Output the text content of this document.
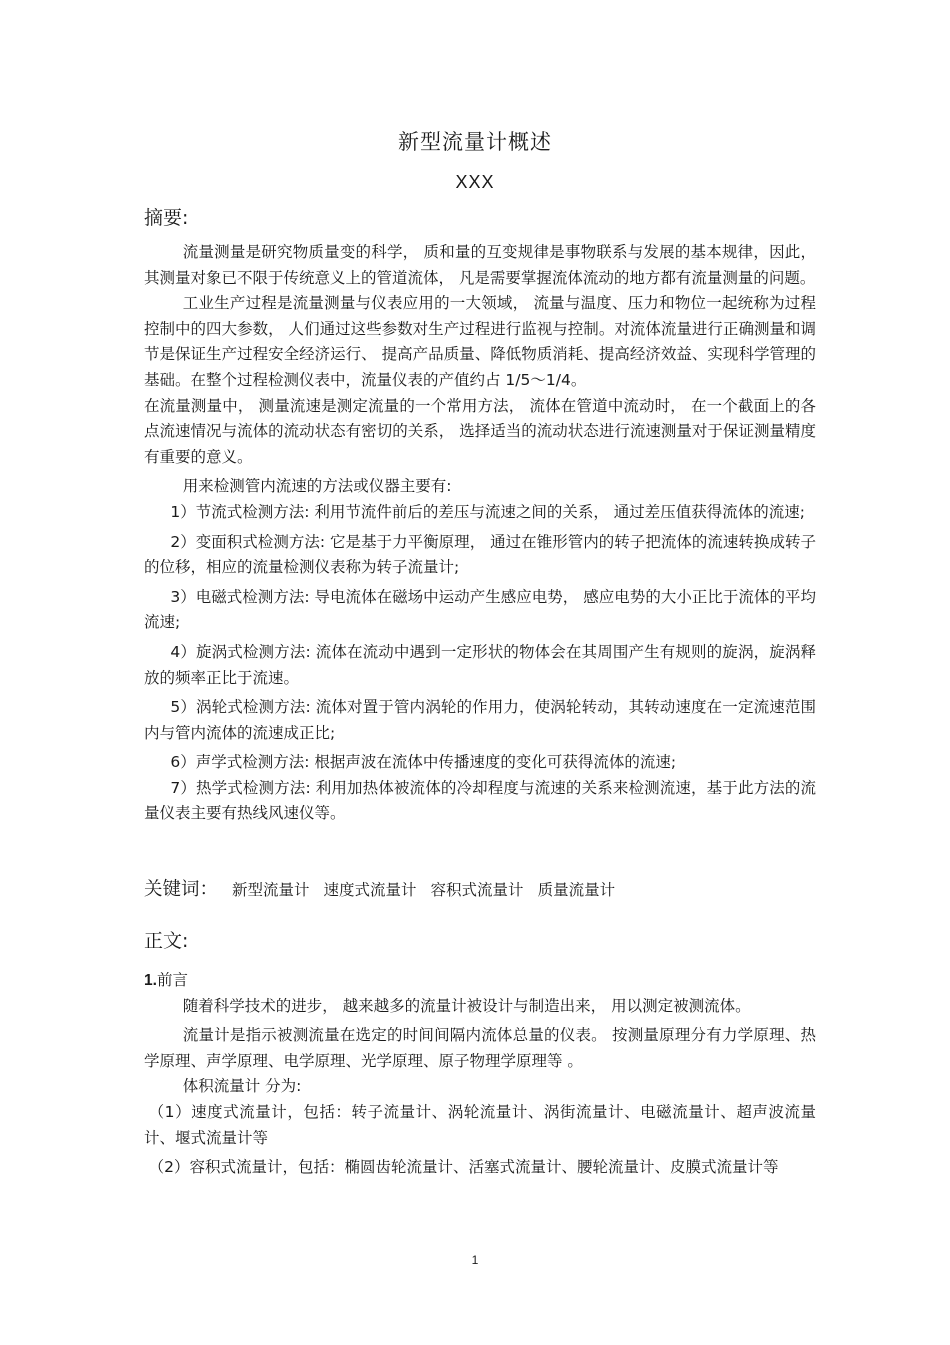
新型流量计概述
XXX
摘要:

流量测量是研究物质量变的科学， 质和量的互变规律是事物联系与发展的基本规律，因此，其测量对象已不限于传统意义上的管道流体， 凡是需要掌握流体流动的地方都有流量测量的问题。

工业生产过程是流量测量与仪表应用的一大领域， 流量与温度、压力和物位一起统称为过程控制中的四大参数， 人们通过这些参数对生产过程进行监视与控制。对流体流量进行正确测量和调节是保证生产过程安全经济运行、 提高产品质量、降低物质消耗、提高经济效益、实现科学管理的基础。在整个过程检测仪表中，流量仪表的产值约占 1/5～1/4。

在流量测量中， 测量流速是测定流量的一个常用方法， 流体在管道中流动时， 在一个截面上的各点流速情况与流体的流动状态有密切的关系， 选择适当的流动状态进行流速测量对于保证测量精度有重要的意义。

用来检测管内流速的方法或仪器主要有:

1）节流式检测方法: 利用节流件前后的差压与流速之间的关系， 通过差压值获得流体的流速;

2）变面积式检测方法: 它是基于力平衡原理， 通过在锥形管内的转子把流体的流速转换成转子的位移，相应的流量检测仪表称为转子流量计;

3）电磁式检测方法: 导电流体在磁场中运动产生感应电势， 感应电势的大小正比于流体的平均流速;

4）旋涡式检测方法: 流体在流动中遇到一定形状的物体会在其周围产生有规则的旋涡，旋涡释放的频率正比于流速。

5）涡轮式检测方法: 流体对置于管内涡轮的作用力，使涡轮转动，其转动速度在一定流速范围内与管内流体的流速成正比;

6）声学式检测方法: 根据声波在流体中传播速度的变化可获得流体的流速;

7）热学式检测方法: 利用加热体被流体的冷却程度与流速的关系来检测流速，基于此方法的流量仪表主要有热线风速仪等。

关键词： 新型流量计 速度式流量计 容积式流量计 质量流量计
正文:

1.前言

随着科学技术的进步， 越来越多的流量计被设计与制造出来， 用以测定被测流体。

流量计是指示被测流量在选定的时间间隔内流体总量的仪表。 按测量原理分有力学原理、热学原理、声学原理、电学原理、光学原理、原子物理学原理等 。

体积流量计 分为:

（1）速度式流量计，包括：转子流量计、涡轮流量计、涡街流量计、电磁流量计、超声波流量计、堰式流量计等

（2）容积式流量计，包括：椭圆齿轮流量计、活塞式流量计、腰轮流量计、皮膜式流量计等

1
